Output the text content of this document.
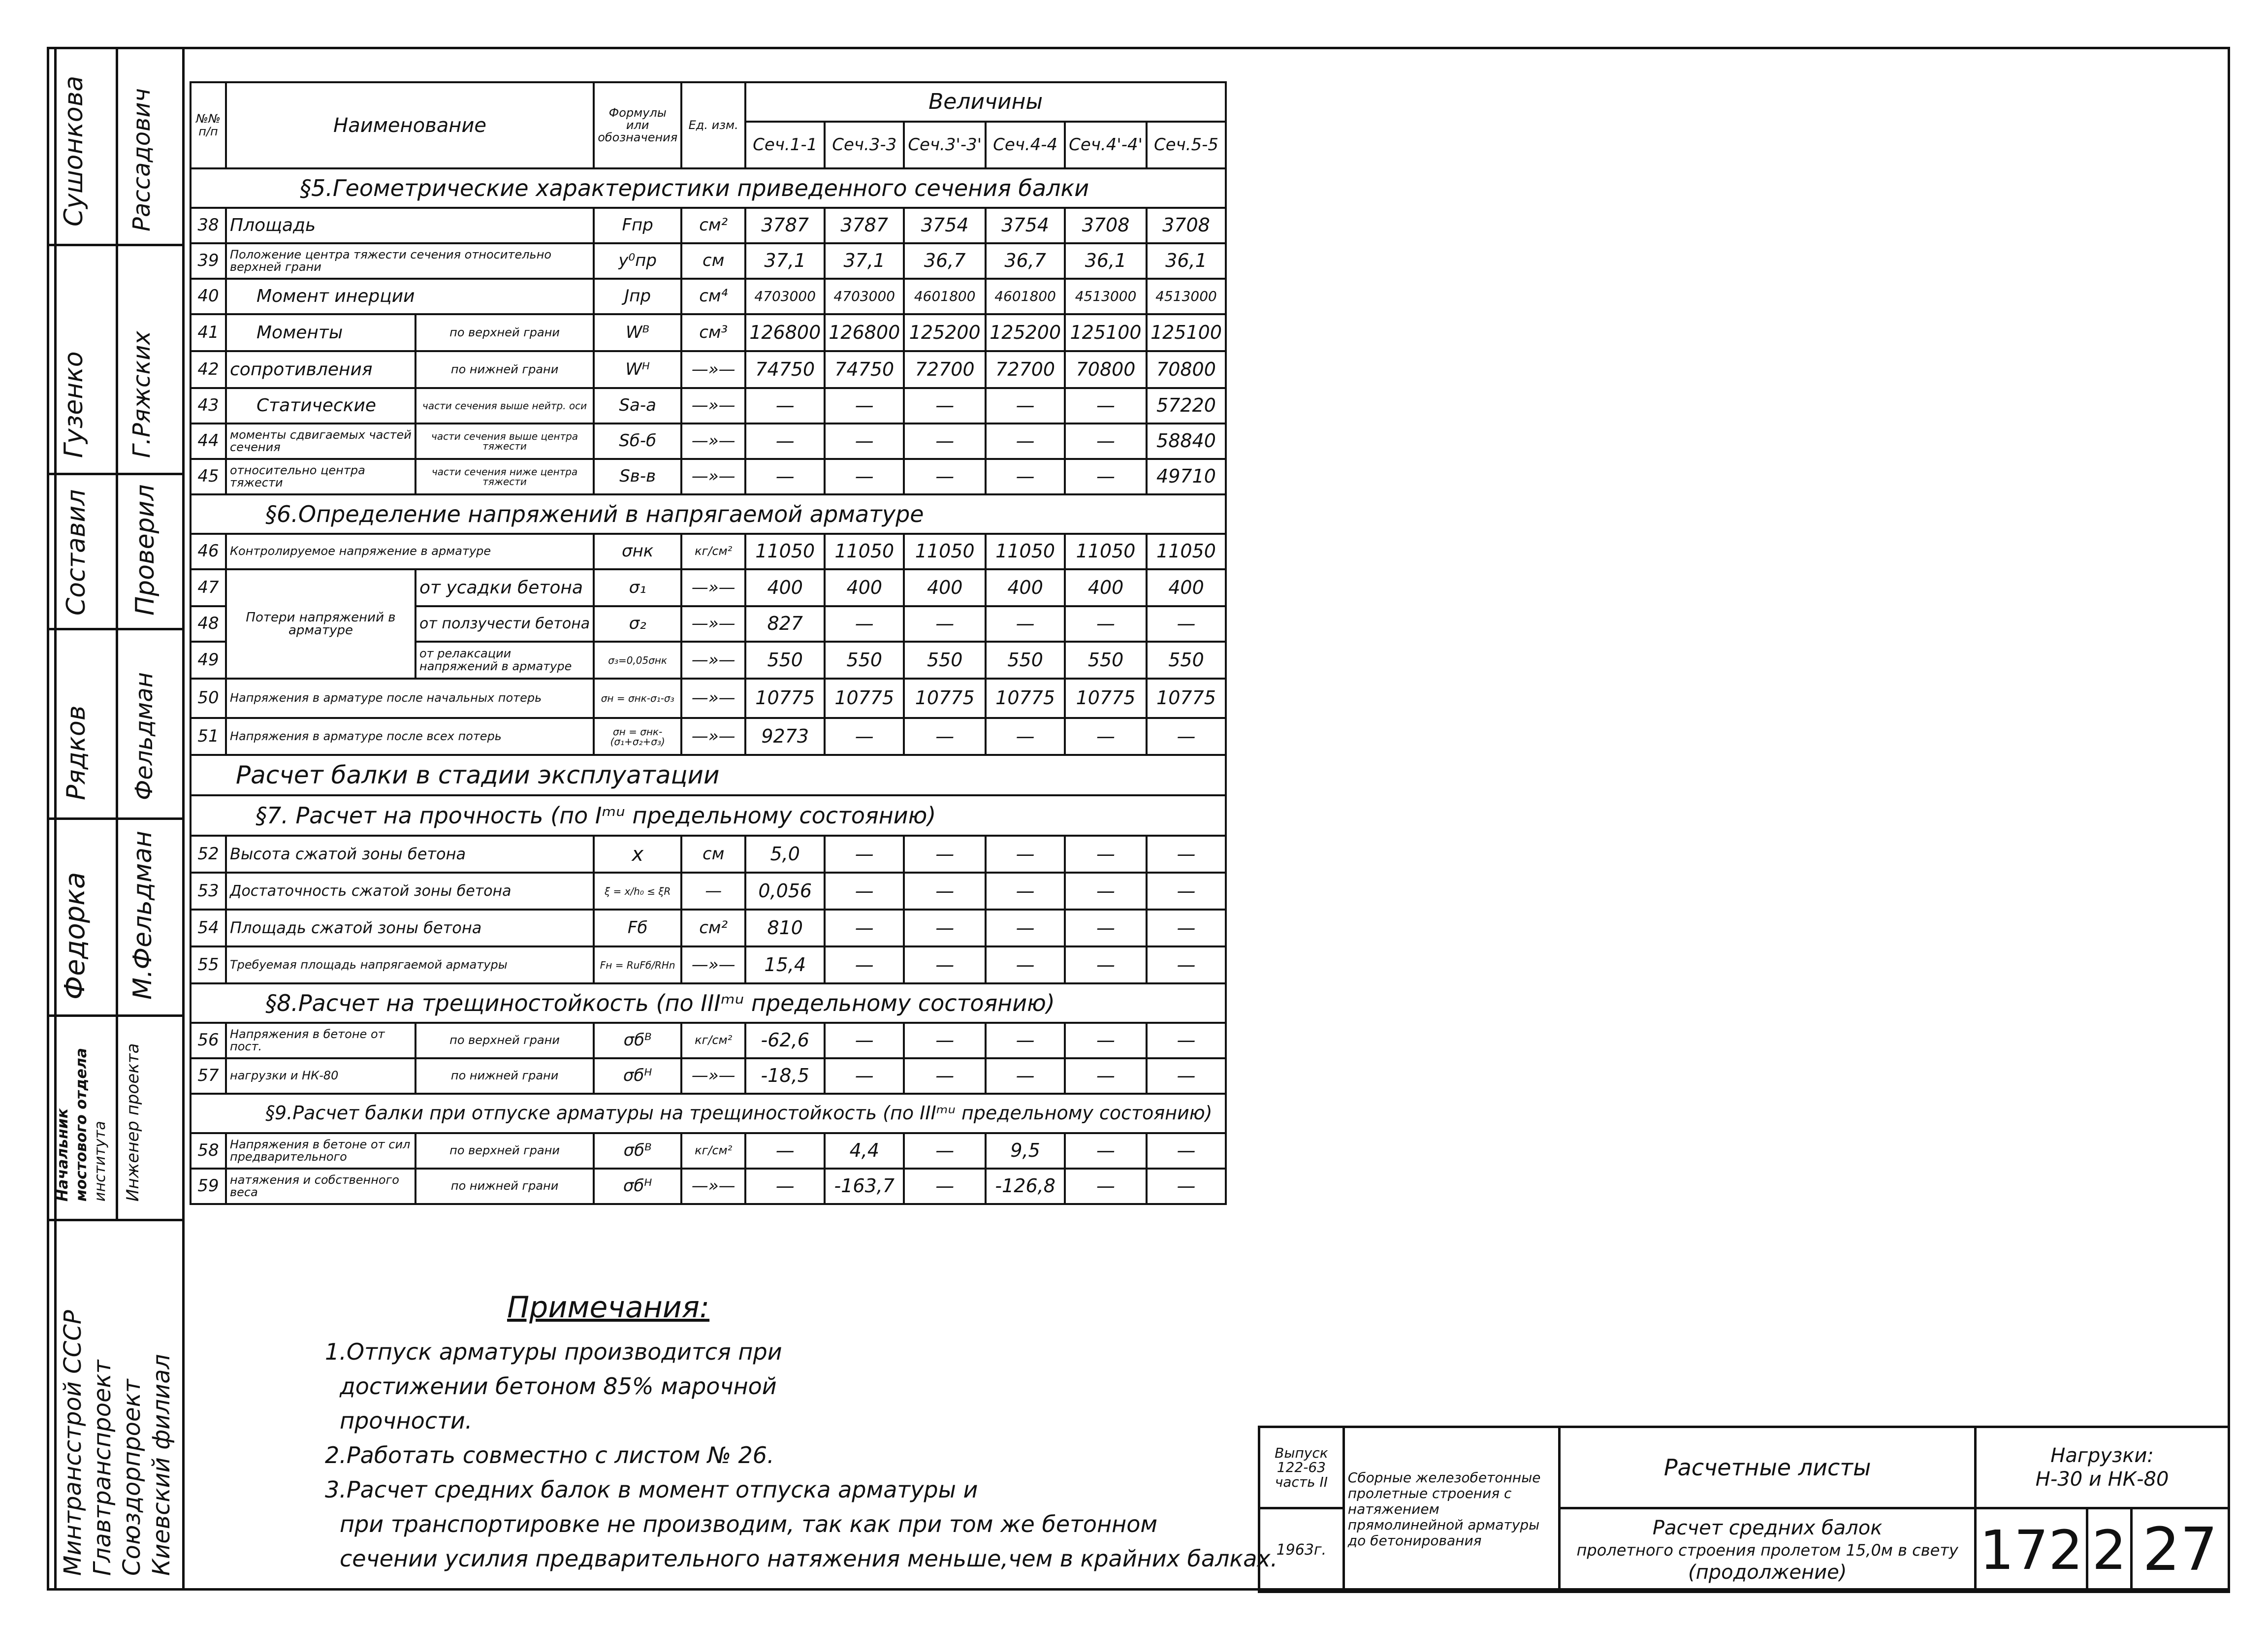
Сушонкова Рассадович
Гузенко Г.Ряжских
Составил Проверил
Рядков Фельдман
Федорка М.Фельдман
Начальник мостового отдела института Инженер проекта
Минтрансстрой СССР Главтранспроект Союздорпроект Киевский филиал
№№ п/п	Наименование		Формулы или обозначения	Ед. изм.	Величины					
					Сеч.1-1	Сеч.3-3	Сеч.3'-3'	Сеч.4-4	Сеч.4'-4'	Сеч.5-5
§5.Геометрические характеристики приведенного сечения балки										
38	Площадь		Fпр	см²	3787	3787	3754	3754	3708	3708
39	Положение центра тяжести сечения относительно верхней грани		y⁰пр	см	37,1	37,1	36,7	36,7	36,1	36,1
40	Момент инерции		Jпр	см⁴	4703000	4703000	4601800	4601800	4513000	4513000
41	Моменты	по верхней грани	Wᴮ	см³	126800	126800	125200	125200	125100	125100
42	сопротивления	по нижней грани	Wᴴ	—»—	74750	74750	72700	72700	70800	70800
43	Статические	части сечения выше нейтр. оси	Sa-a	—»—	—	—	—	—	—	57220
44	моменты сдвигаемых частей сечения	части сечения выше центра тяжести	Sб-б	—»—	—	—	—	—	—	58840
45	относительно центра тяжести	части сечения ниже центра тяжести	Sв-в	—»—	—	—	—	—	—	49710
§6.Определение напряжений в напрягаемой арматуре										
46	Контролируемое напряжение в арматуре		σнк	кг/см²	11050	11050	11050	11050	11050	11050
47	Потери напряжений в арматуре	от усадки бетона	σ₁	—»—	400	400	400	400	400	400
48		от ползучести бетона	σ₂	—»—	827	—	—	—	—	—
49		от релаксации напряжений в арматуре	σ₃=0,05σнк	—»—	550	550	550	550	550	550
50	Напряжения в арматуре после начальных потерь		σн = σнк-σ₁-σ₃	—»—	10775	10775	10775	10775	10775	10775
51	Напряжения в арматуре после всех потерь		σн = σнк-(σ₁+σ₂+σ₃)	—»—	9273	—	—	—	—	—
Расчет балки в стадии эксплуатации										
§7. Расчет на прочность (по Iᵐᵘ предельному состоянию)										
52	Высота сжатой зоны бетона		x	см	5,0	—	—	—	—	—
53	Достаточность сжатой зоны бетона		ξ = x/h₀ ≤ ξR	—	0,056	—	—	—	—	—
54	Площадь сжатой зоны бетона		Fб	см²	810	—	—	—	—	—
55	Требуемая площадь напрягаемой арматуры		Fн = RuFб/RHn	—»—	15,4	—	—	—	—	—
§8.Расчет на трещиностойкость (по IIIᵐᵘ предельному состоянию)										
56	Напряжения в бетоне от пост.	по верхней грани	σбᴮ	кг/см²	-62,6	—	—	—	—	—
57	нагрузки и НК-80	по нижней грани	σбᴴ	—»—	-18,5	—	—	—	—	—
§9.Расчет балки при отпуске арматуры на трещиностойкость (по IIIᵐᵘ предельному состоянию)										
58	Напряжения в бетоне от сил предварительного	по верхней грани	σбᴮ	кг/см²	—	4,4	—	9,5	—	—
59	натяжения и собственного веса	по нижней грани	σбᴴ	—»—	—	-163,7	—	-126,8	—	—
Примечания:
1.Отпуск арматуры производится при
достижении бетоном 85% марочной
прочности.
2.Работать совместно с листом № 26.
3.Расчет средних балок в момент отпуска арматуры и
при транспортировке не производим, так как при том же бетонном
сечении усилия предварительного натяжения меньше,чем в крайних балках.
Выпуск 122-63 часть II	Сборные железобетонные пролетные строения с натяжением прямолинейной арматуры до бетонирования	Расчетные листы	Нагрузки:
Н-30 и НК-80		

1963г.		Расчет средних балок
пролетного строения пролетом 15,0м в свету
(продолжение)	172	2	27
